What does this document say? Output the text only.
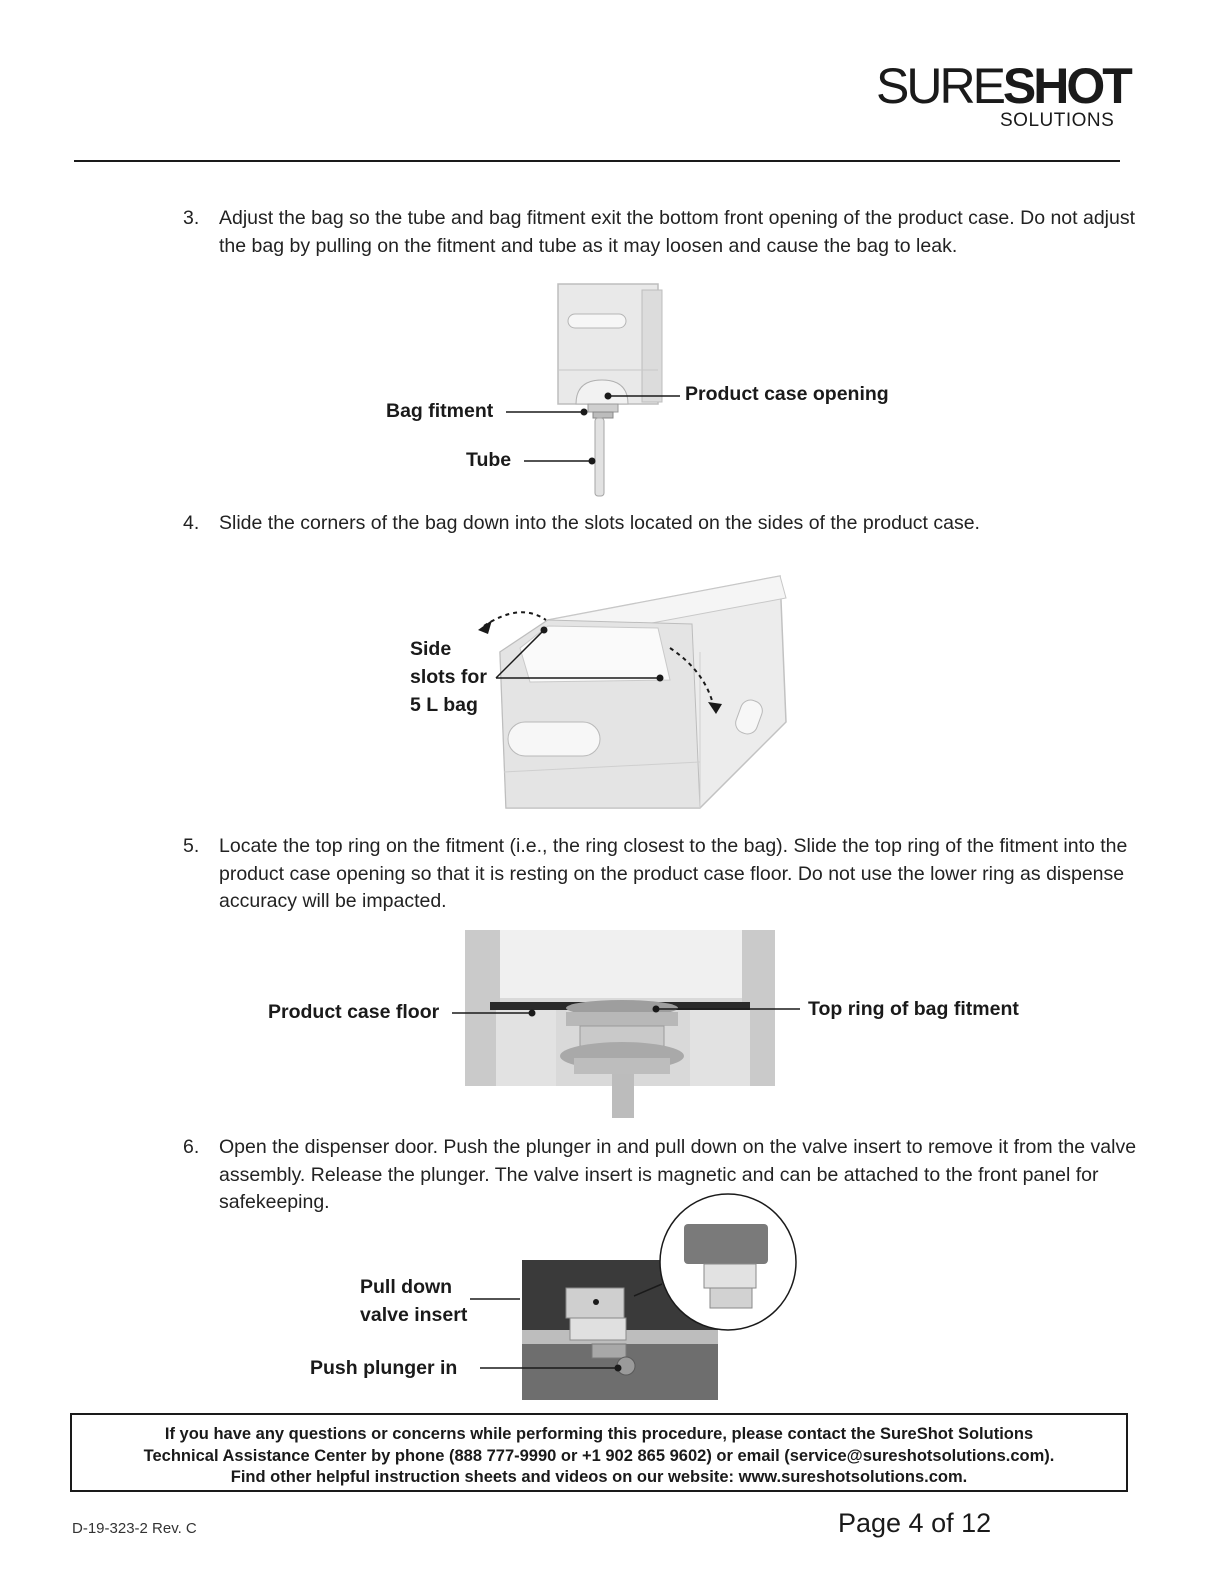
SURESHOT
SOLUTIONS
3.	Adjust the bag so the tube and bag fitment exit the bottom front opening of the product case. Do not adjust the bag by pulling on the fitment and tube as it may loosen and cause the bag to leak.
Product case opening
Bag fitment
Tube
4.	Slide the corners of the bag down into the slots located on the sides of the product case.
Side
slots for
5 L bag
5.	Locate the top ring on the fitment (i.e., the ring closest to the bag). Slide the top ring of the fitment into the product case opening so that it is resting on the product case floor. Do not use the lower ring as dispense accuracy will be impacted.
Product case floor	Top ring of bag fitment
6.	Open the dispenser door. Push the plunger in and pull down on the valve insert to remove it from the valve assembly. Release the plunger. The valve insert is magnetic and can be attached to the front panel for safekeeping.
Pull down
valve insert
Push plunger in
If you have any questions or concerns while performing this procedure, please contact the SureShot Solutions
Technical Assistance Center by phone (888 777-9990 or +1 902 865 9602) or email (service@sureshotsolutions.com).
Find other helpful instruction sheets and videos on our website: www.sureshotsolutions.com.
D-19-323-2 Rev. C	Page 4 of 12
